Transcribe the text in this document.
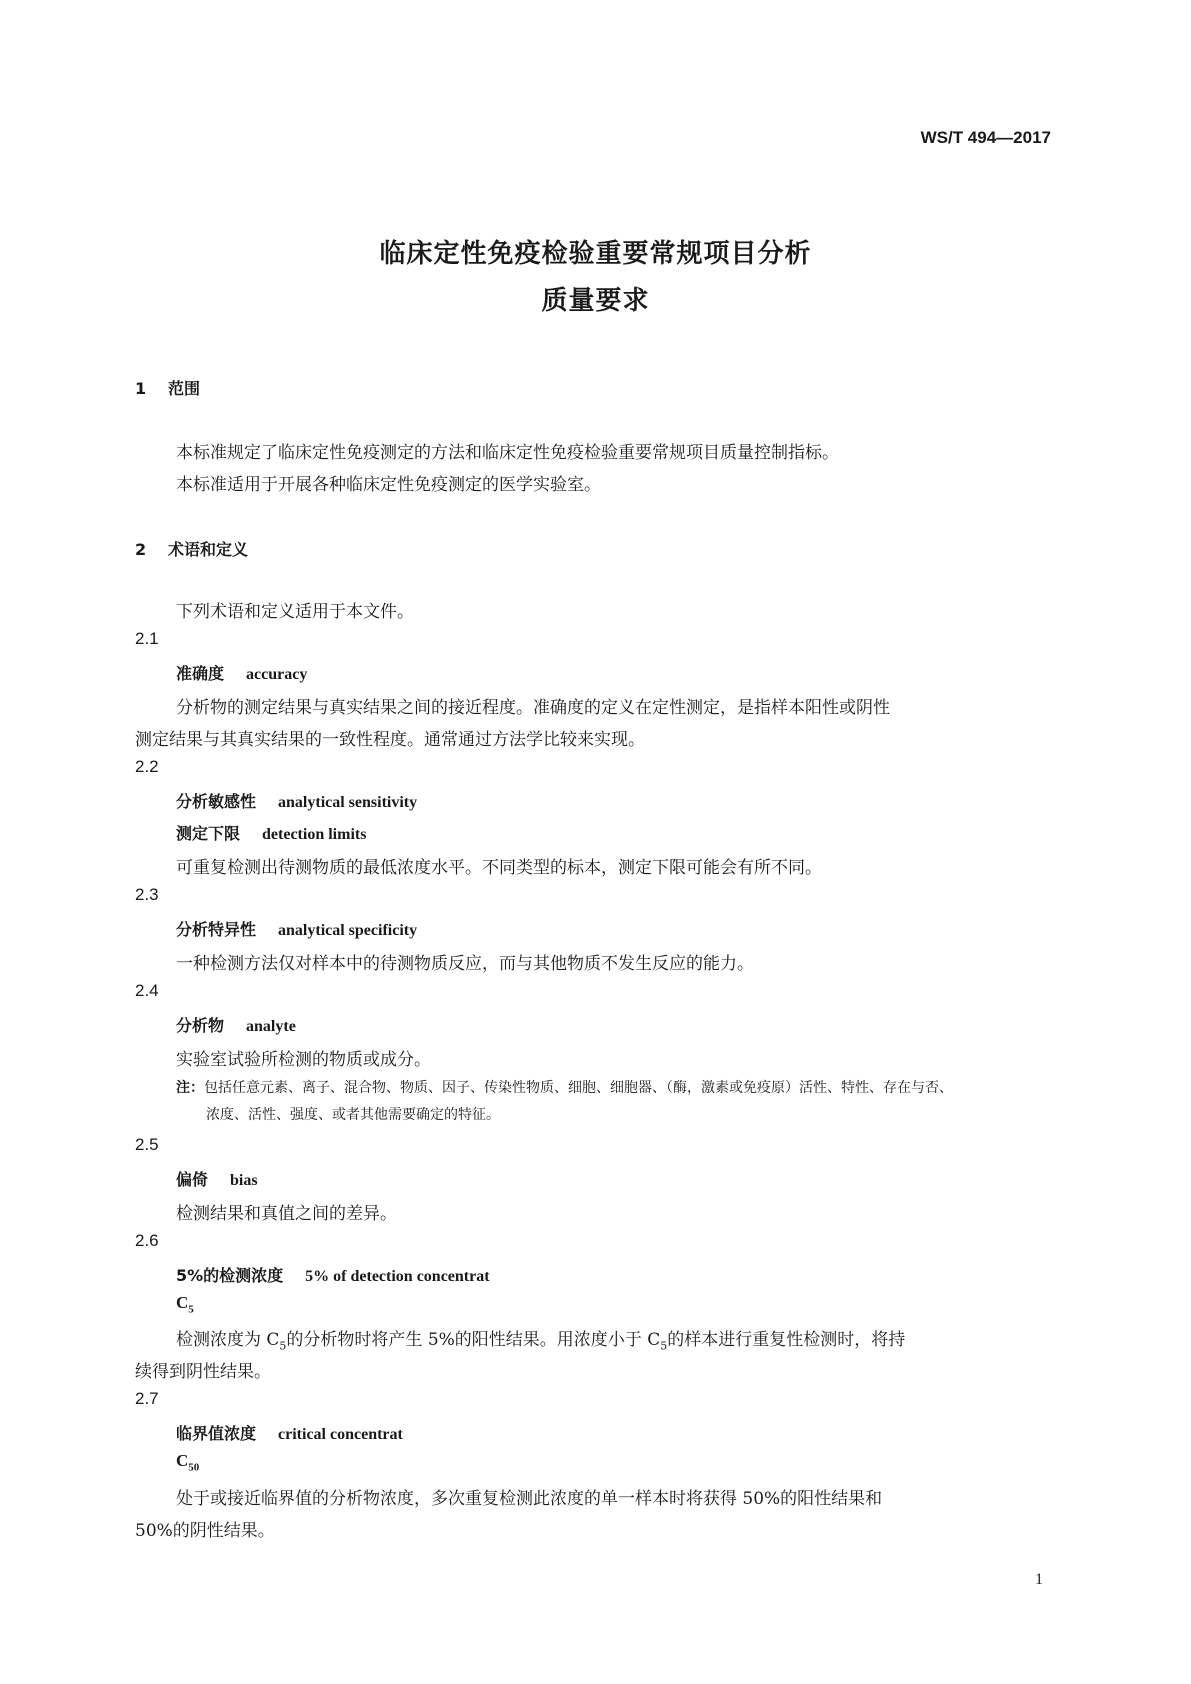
WS/T 494—2017
临床定性免疫检验重要常规项目分析
质量要求
1 范围
本标准规定了临床定性免疫测定的方法和临床定性免疫检验重要常规项目质量控制指标。
本标准适用于开展各种临床定性免疫测定的医学实验室。
2 术语和定义
下列术语和定义适用于本文件。
2.1
准确度 accuracy
分析物的测定结果与真实结果之间的接近程度。准确度的定义在定性测定，是指样本阳性或阴性
测定结果与其真实结果的一致性程度。通常通过方法学比较来实现。
2.2
分析敏感性 analytical sensitivity
测定下限 detection limits
可重复检测出待测物质的最低浓度水平。不同类型的标本，测定下限可能会有所不同。
2.3
分析特异性 analytical specificity
一种检测方法仅对样本中的待测物质反应，而与其他物质不发生反应的能力。
2.4
分析物 analyte
实验室试验所检测的物质或成分。
注：包括任意元素、离子、混合物、物质、因子、传染性物质、细胞、细胞器、（酶，激素或免疫原）活性、特性、存在与否、
浓度、活性、强度、或者其他需要确定的特征。
2.5
偏倚 bias
检测结果和真值之间的差异。
2.6
5%的检测浓度 5% of detection concentrat
$C_5$
检测浓度为 $C_5$的分析物时将产生 5%的阳性结果。用浓度小于 $C_5$的样本进行重复性检测时，将持
续得到阴性结果。
2.7
临界值浓度 critical concentrat
$C_{50}$
处于或接近临界值的分析物浓度，多次重复检测此浓度的单一样本时将获得 50%的阳性结果和
50%的阴性结果。
1
